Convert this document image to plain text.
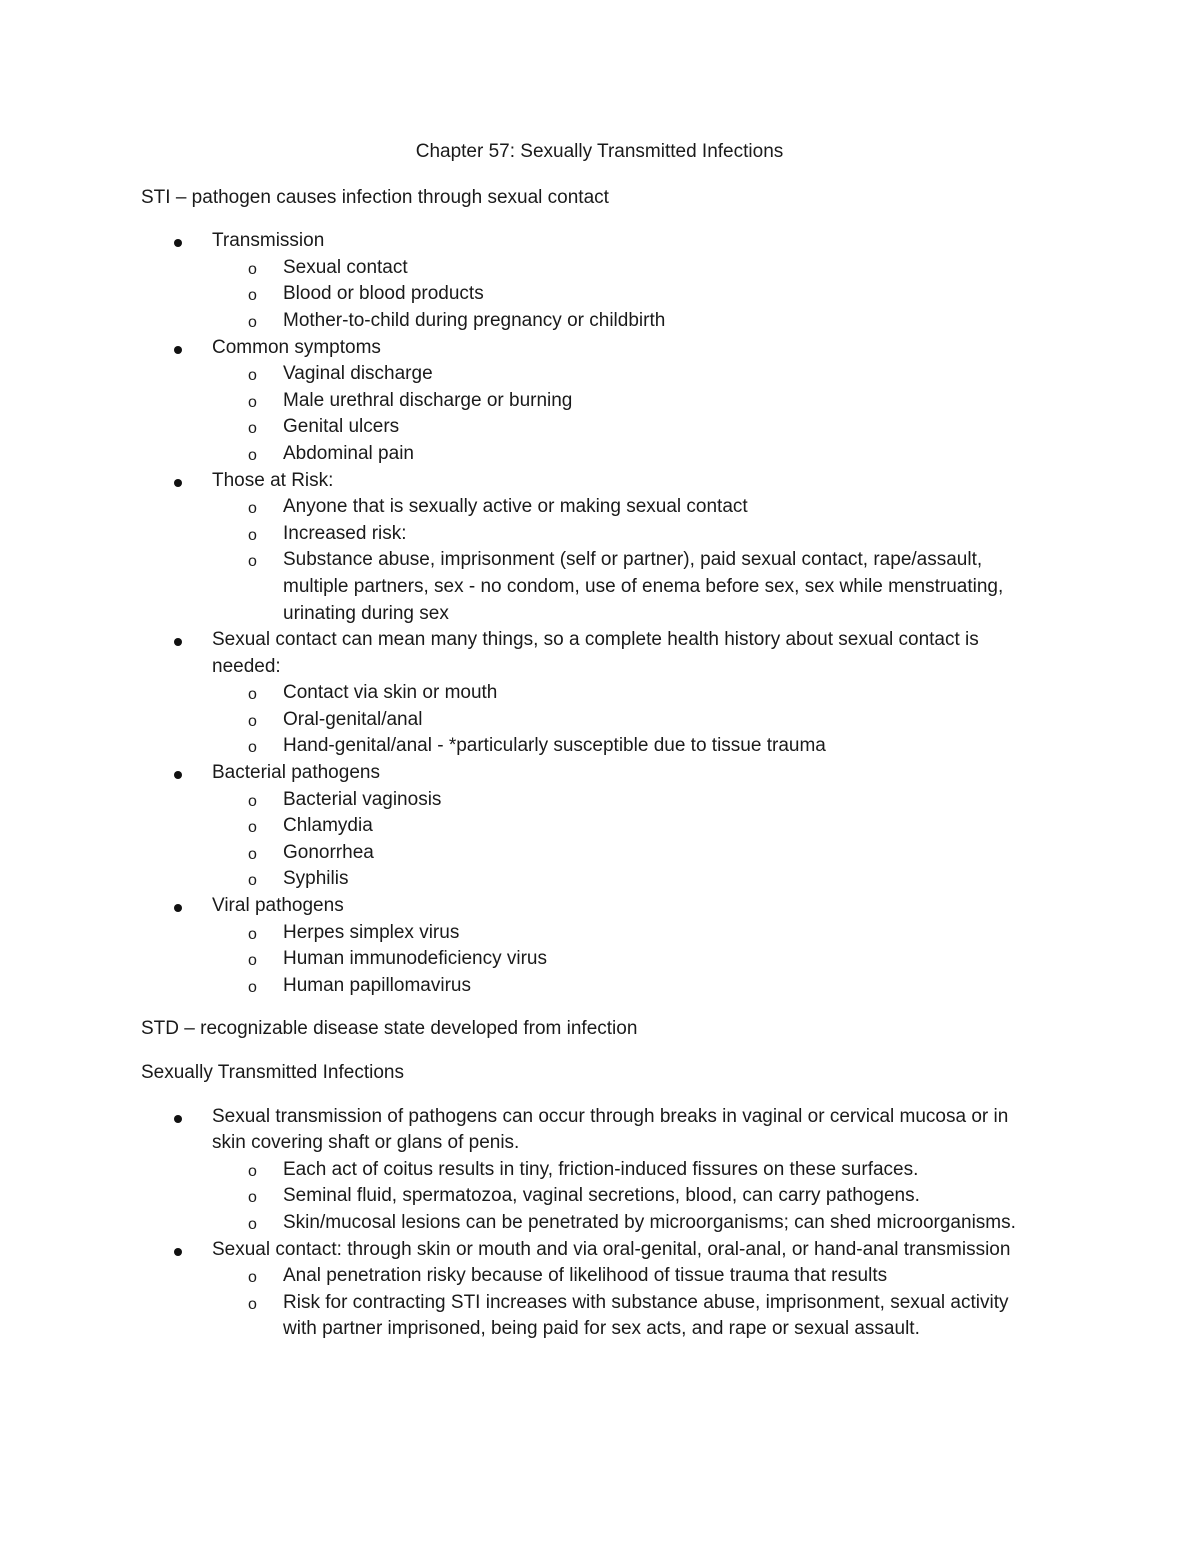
Chapter 57: Sexually Transmitted Infections

STI – pathogen causes infection through sexual contact

Transmission
o Sexual contact
o Blood or blood products
o Mother-to-child during pregnancy or childbirth
Common symptoms
o Vaginal discharge
o Male urethral discharge or burning
o Genital ulcers
o Abdominal pain
Those at Risk:
o Anyone that is sexually active or making sexual contact
o Increased risk:
o Substance abuse, imprisonment (self or partner), paid sexual contact, rape/assault, multiple partners, sex - no condom, use of enema before sex, sex while menstruating, urinating during sex
Sexual contact can mean many things, so a complete health history about sexual contact is needed:
o Contact via skin or mouth
o Oral-genital/anal
o Hand-genital/anal - *particularly susceptible due to tissue trauma
Bacterial pathogens
o Bacterial vaginosis
o Chlamydia
o Gonorrhea
o Syphilis
Viral pathogens
o Herpes simplex virus
o Human immunodeficiency virus
o Human papillomavirus

STD – recognizable disease state developed from infection

Sexually Transmitted Infections

Sexual transmission of pathogens can occur through breaks in vaginal or cervical mucosa or in skin covering shaft or glans of penis.
o Each act of coitus results in tiny, friction-induced fissures on these surfaces.
o Seminal fluid, spermatozoa, vaginal secretions, blood, can carry pathogens.
o Skin/mucosal lesions can be penetrated by microorganisms; can shed microorganisms.
Sexual contact: through skin or mouth and via oral-genital, oral-anal, or hand-anal transmission
o Anal penetration risky because of likelihood of tissue trauma that results
o Risk for contracting STI increases with substance abuse, imprisonment, sexual activity with partner imprisoned, being paid for sex acts, and rape or sexual assault.
